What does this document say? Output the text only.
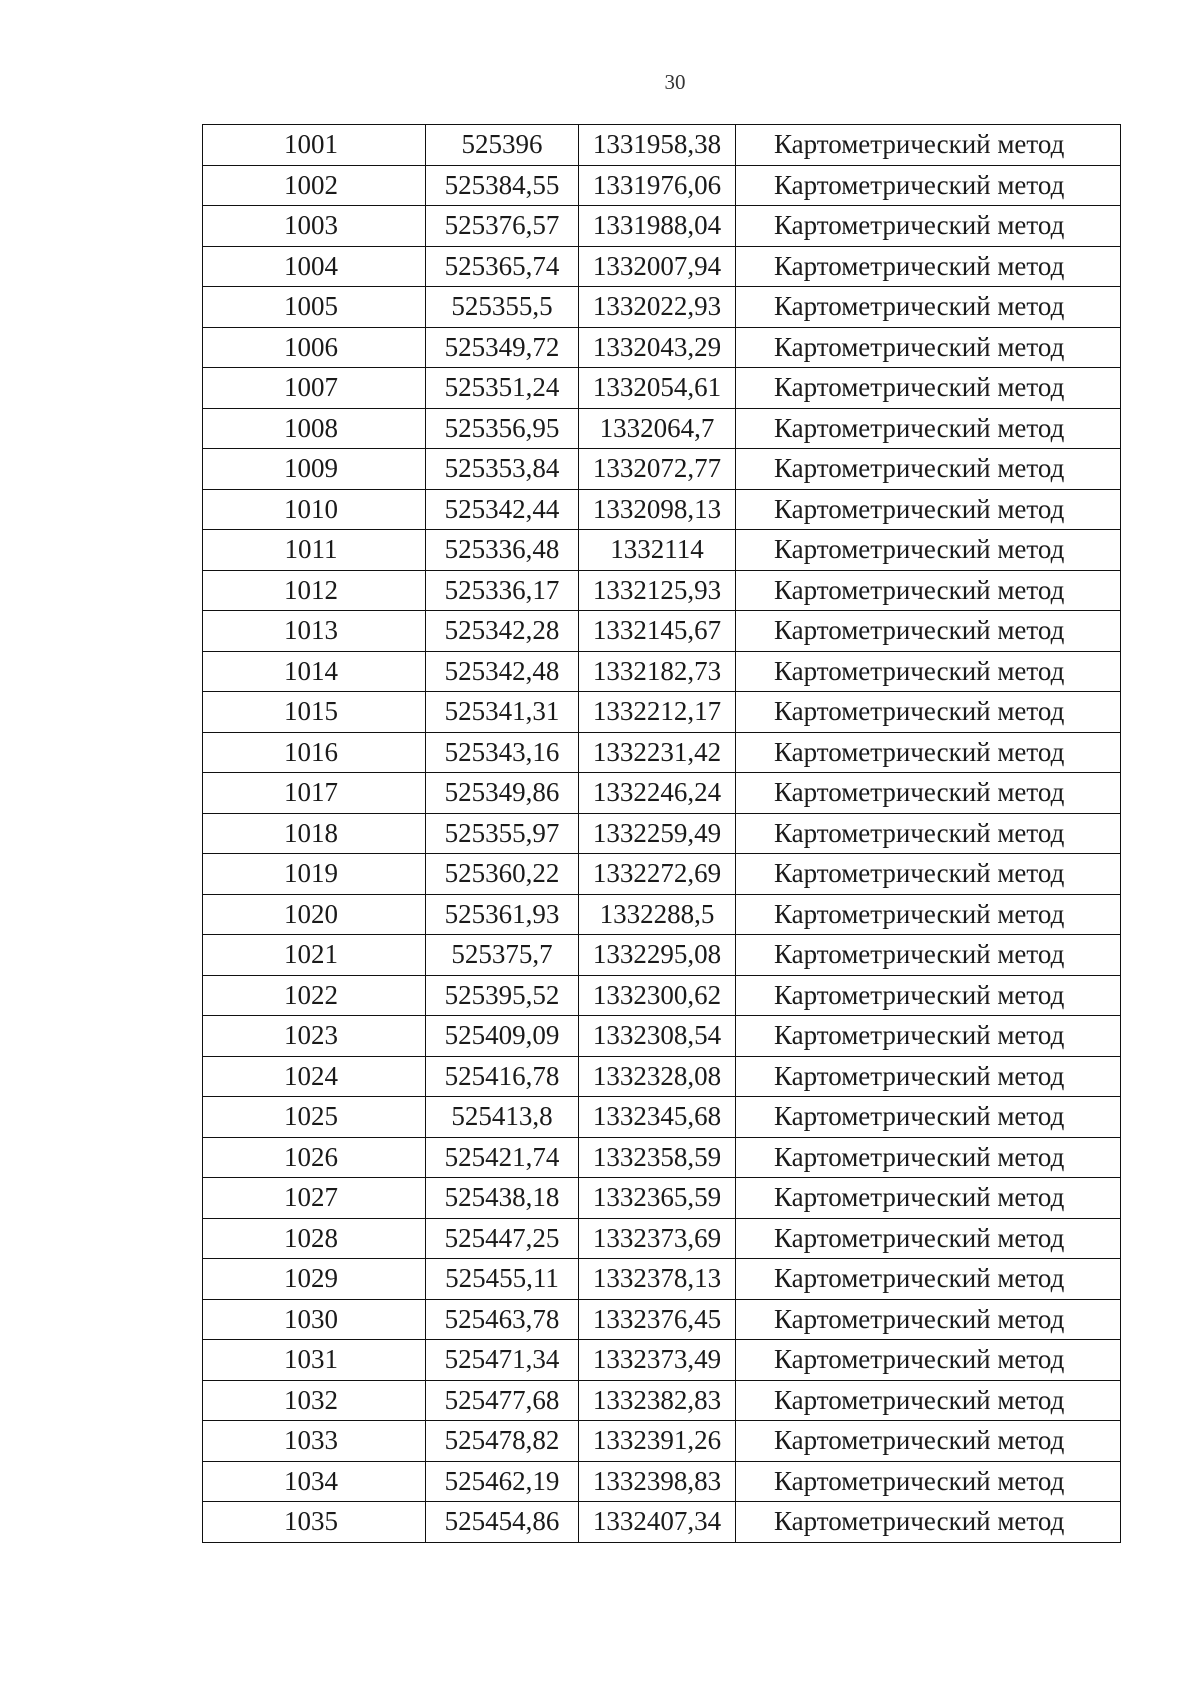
30
1001	525396	1331958,38	Картометрический метод
1002	525384,55	1331976,06	Картометрический метод
1003	525376,57	1331988,04	Картометрический метод
1004	525365,74	1332007,94	Картометрический метод
1005	525355,5	1332022,93	Картометрический метод
1006	525349,72	1332043,29	Картометрический метод
1007	525351,24	1332054,61	Картометрический метод
1008	525356,95	1332064,7	Картометрический метод
1009	525353,84	1332072,77	Картометрический метод
1010	525342,44	1332098,13	Картометрический метод
1011	525336,48	1332114	Картометрический метод
1012	525336,17	1332125,93	Картометрический метод
1013	525342,28	1332145,67	Картометрический метод
1014	525342,48	1332182,73	Картометрический метод
1015	525341,31	1332212,17	Картометрический метод
1016	525343,16	1332231,42	Картометрический метод
1017	525349,86	1332246,24	Картометрический метод
1018	525355,97	1332259,49	Картометрический метод
1019	525360,22	1332272,69	Картометрический метод
1020	525361,93	1332288,5	Картометрический метод
1021	525375,7	1332295,08	Картометрический метод
1022	525395,52	1332300,62	Картометрический метод
1023	525409,09	1332308,54	Картометрический метод
1024	525416,78	1332328,08	Картометрический метод
1025	525413,8	1332345,68	Картометрический метод
1026	525421,74	1332358,59	Картометрический метод
1027	525438,18	1332365,59	Картометрический метод
1028	525447,25	1332373,69	Картометрический метод
1029	525455,11	1332378,13	Картометрический метод
1030	525463,78	1332376,45	Картометрический метод
1031	525471,34	1332373,49	Картометрический метод
1032	525477,68	1332382,83	Картометрический метод
1033	525478,82	1332391,26	Картометрический метод
1034	525462,19	1332398,83	Картометрический метод
1035	525454,86	1332407,34	Картометрический метод
